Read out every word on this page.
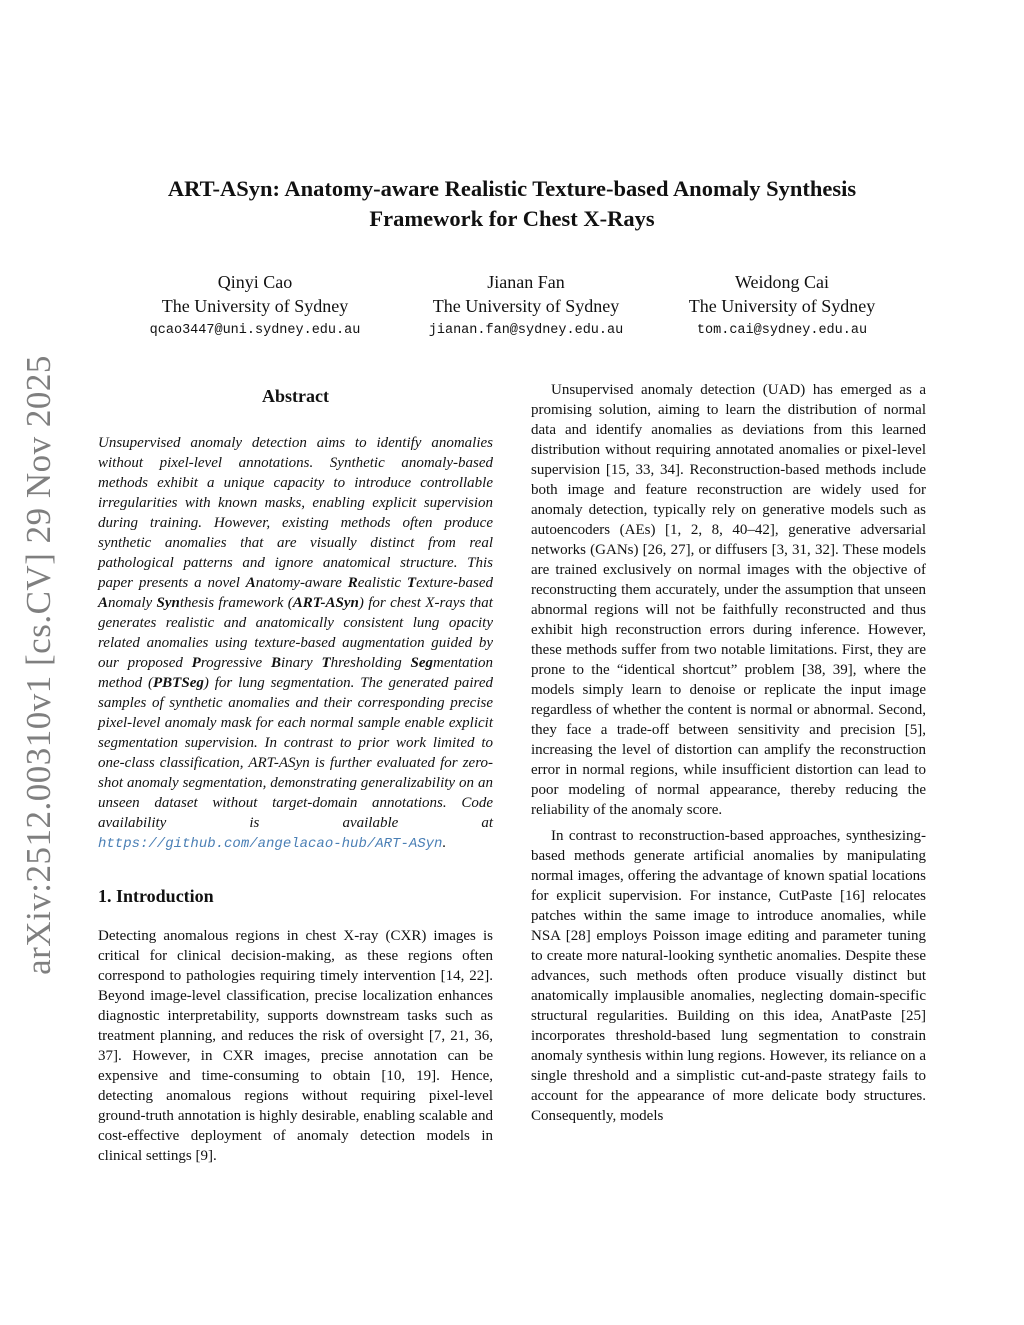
arXiv:2512.00310v1 [cs.CV] 29 Nov 2025
ART-ASyn: Anatomy-aware Realistic Texture-based Anomaly Synthesis
Framework for Chest X-Rays
Qinyi Cao
The University of Sydney
qcao3447@uni.sydney.edu.au
Jianan Fan
The University of Sydney
jianan.fan@sydney.edu.au
Weidong Cai
The University of Sydney
tom.cai@sydney.edu.au
Abstract

Unsupervised anomaly detection aims to identify anomalies without pixel-level annotations. Synthetic anomaly-based methods exhibit a unique capacity to introduce controllable irregularities with known masks, enabling explicit supervision during training. However, existing methods often produce synthetic anomalies that are visually distinct from real pathological patterns and ignore anatomical structure. This paper presents a novel Anatomy-aware Realistic Texture-based Anomaly Synthesis framework (ART-ASyn) for chest X-rays that generates realistic and anatomically consistent lung opacity related anomalies using texture-based augmentation guided by our proposed Progressive Binary Thresholding Segmentation method (PBTSeg) for lung segmentation. The generated paired samples of synthetic anomalies and their corresponding precise pixel-level anomaly mask for each normal sample enable explicit segmentation supervision. In contrast to prior work limited to one-class classification, ART-ASyn is further evaluated for zero-shot anomaly segmentation, demonstrating generalizability on an unseen dataset without target-domain annotations. Code availability is available at https://github.com/angelacao-hub/ART-ASyn.

1. Introduction

Detecting anomalous regions in chest X-ray (CXR) images is critical for clinical decision-making, as these regions often correspond to pathologies requiring timely intervention [14, 22]. Beyond image-level classification, precise localization enhances diagnostic interpretability, supports downstream tasks such as treatment planning, and reduces the risk of oversight [7, 21, 36, 37]. However, in CXR images, precise annotation can be expensive and time-consuming to obtain [10, 19]. Hence, detecting anomalous regions without requiring pixel-level ground-truth annotation is highly desirable, enabling scalable and cost-effective deployment of anomaly detection models in clinical settings [9].

Unsupervised anomaly detection (UAD) has emerged as a promising solution, aiming to learn the distribution of normal data and identify anomalies as deviations from this learned distribution without requiring annotated anomalies or pixel-level supervision [15, 33, 34]. Reconstruction-based methods include both image and feature reconstruction are widely used for anomaly detection, typically rely on generative models such as autoencoders (AEs) [1, 2, 8, 40–42], generative adversarial networks (GANs) [26, 27], or diffusers [3, 31, 32]. These models are trained exclusively on normal images with the objective of reconstructing them accurately, under the assumption that unseen abnormal regions will not be faithfully reconstructed and thus exhibit high reconstruction errors during inference. However, these methods suffer from two notable limitations. First, they are prone to the “identical shortcut” problem [38, 39], where the models simply learn to denoise or replicate the input image regardless of whether the content is normal or abnormal. Second, they face a trade-off between sensitivity and precision [5], increasing the level of distortion can amplify the reconstruction error in normal regions, while insufficient distortion can lead to poor modeling of normal appearance, thereby reducing the reliability of the anomaly score.

In contrast to reconstruction-based approaches, synthesizing-based methods generate artificial anomalies by manipulating normal images, offering the advantage of known spatial locations for explicit supervision. For instance, CutPaste [16] relocates patches within the same image to introduce anomalies, while NSA [28] employs Poisson image editing and parameter tuning to create more natural-looking synthetic anomalies. Despite these advances, such methods often produce visually distinct but anatomically implausible anomalies, neglecting domain-specific structural regularities. Building on this idea, AnatPaste [25] incorporates threshold-based lung segmentation to constrain anomaly synthesis within lung regions. However, its reliance on a single threshold and a simplistic cut-and-paste strategy fails to account for the appearance of more delicate body structures. Consequently, models
